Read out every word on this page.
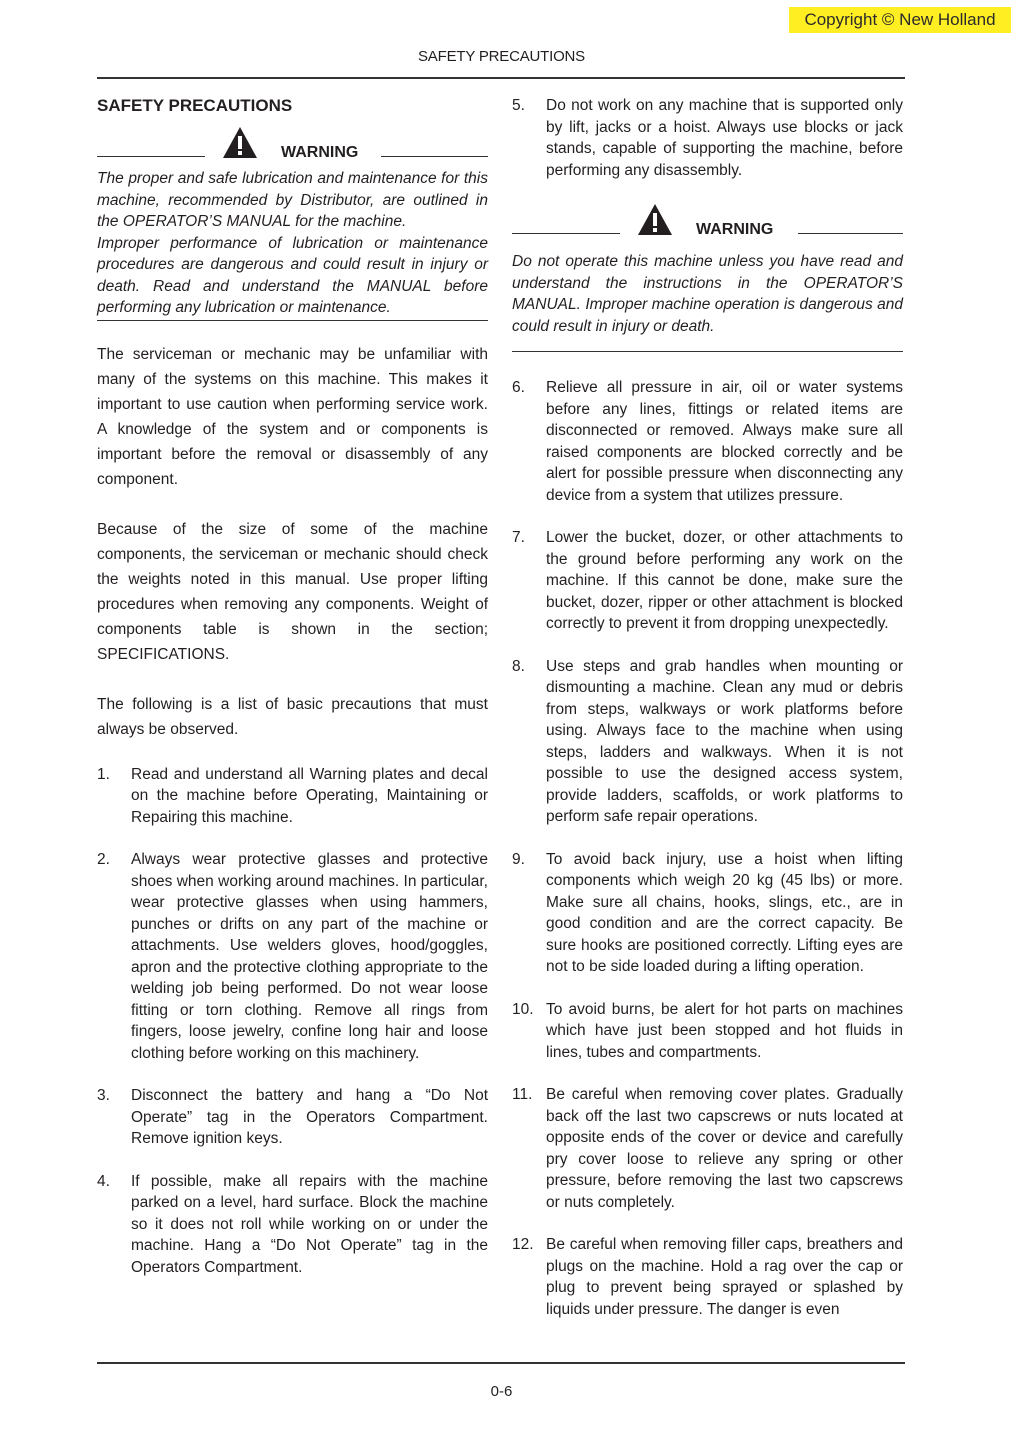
Copyright © New Holland
SAFETY PRECAUTIONS
SAFETY PRECAUTIONS
WARNING

The proper and safe lubrication and maintenance for this machine, recommended by Distributor, are outlined in the OPERATOR’S MANUAL for the machine.

Improper performance of lubrication or maintenance procedures are dangerous and could result in injury or death. Read and understand the MANUAL before performing any lubrication or maintenance.

The serviceman or mechanic may be unfamiliar with many of the systems on this machine. This makes it important to use caution when performing service work. A knowledge of the system and or components is important before the removal or disassembly of any component.

Because of the size of some of the machine components, the serviceman or mechanic should check the weights noted in this manual. Use proper lifting procedures when removing any components. Weight of components table is shown in the section; SPECIFICATIONS.

The following is a list of basic precautions that must always be observed.

1.	Read and understand all Warning plates and decal on the machine before Operating, Maintaining or Repairing this machine.
2.	Always wear protective glasses and protective shoes when working around machines. In particular, wear protective glasses when using hammers, punches or drifts on any part of the machine or attachments. Use welders gloves, hood/goggles, apron and the protective clothing appropriate to the welding job being performed. Do not wear loose fitting or torn clothing. Remove all rings from fingers, loose jewelry, confine long hair and loose clothing before working on this machinery.
3.	Disconnect the battery and hang a “Do Not Operate” tag in the Operators Compartment. Remove ignition keys.
4.	If possible, make all repairs with the machine parked on a level, hard surface. Block the machine so it does not roll while working on or under the machine. Hang a “Do Not Operate” tag in the Operators Compartment.
5.	Do not work on any machine that is supported only by lift, jacks or a hoist. Always use blocks or jack stands, capable of supporting the machine, before performing any disassembly.
WARNING

Do not operate this machine unless you have read and understand the instructions in the OPERATOR’S MANUAL. Improper machine operation is dangerous and could result in injury or death.

6.	Relieve all pressure in air, oil or water systems before any lines, fittings or related items are disconnected or removed. Always make sure all raised components are blocked correctly and be alert for possible pressure when disconnecting any device from a system that utilizes pressure.
7.	Lower the bucket, dozer, or other attachments to the ground before performing any work on the machine. If this cannot be done, make sure the bucket, dozer, ripper or other attachment is blocked correctly to prevent it from dropping unexpectedly.
8.	Use steps and grab handles when mounting or dismounting a machine. Clean any mud or debris from steps, walkways or work platforms before using. Always face to the machine when using steps, ladders and walkways. When it is not possible to use the designed access system, provide ladders, scaffolds, or work platforms to perform safe repair operations.
9.	To avoid back injury, use a hoist when lifting components which weigh 20 kg (45 lbs) or more. Make sure all chains, hooks, slings, etc., are in good condition and are the correct capacity. Be sure hooks are positioned correctly. Lifting eyes are not to be side loaded during a lifting operation.
10. To avoid burns, be alert for hot parts on machines which have just been stopped and hot fluids in lines, tubes and compartments.
11. Be careful when removing cover plates. Gradually back off the last two capscrews or nuts located at opposite ends of the cover or device and carefully pry cover loose to relieve any spring or other pressure, before removing the last two capscrews or nuts completely.
12. Be careful when removing filler caps, breathers and plugs on the machine. Hold a rag over the cap or plug to prevent being sprayed or splashed by liquids under pressure. The danger is even
0-6
